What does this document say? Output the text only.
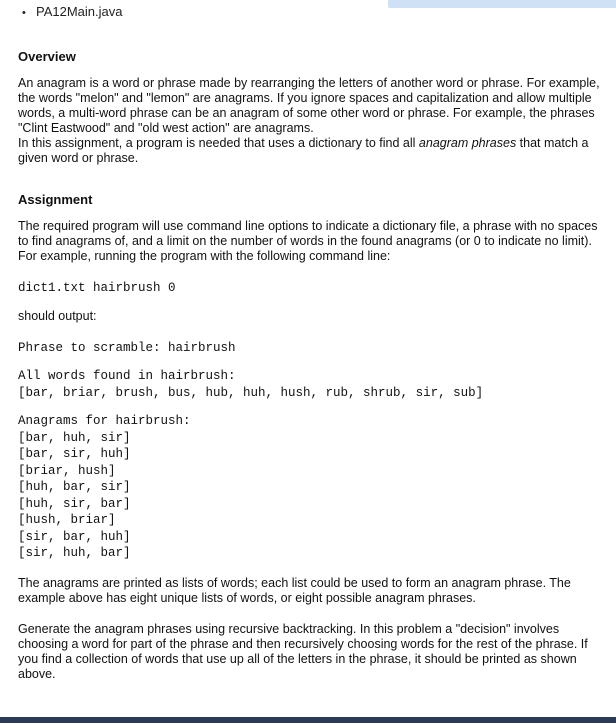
• PA12Main.java
Overview

An anagram is a word or phrase made by rearranging the letters of another word or phrase. For example, the words "melon" and "lemon" are anagrams. If you ignore spaces and capitalization and allow multiple words, a multi-word phrase can be an anagram of some other word or phrase. For example, the phrases "Clint Eastwood" and "old west action" are anagrams.

In this assignment, a program is needed that uses a dictionary to find all anagram phrases that match a given word or phrase.

Assignment

The required program will use command line options to indicate a dictionary file, a phrase with no spaces to find anagrams of, and a limit on the number of words in the found anagrams (or 0 to indicate no limit). For example, running the program with the following command line:

dict1.txt hairbrush 0

should output:

Phrase to scramble: hairbrush
All words found in hairbrush:
[bar, briar, brush, bus, hub, huh, hush, rub, shrub, sir, sub]
Anagrams for hairbrush:
[bar, huh, sir]
[bar, sir, huh]
[briar, hush]
[huh, bar, sir]
[huh, sir, bar]
[hush, briar]
[sir, bar, huh]
[sir, huh, bar]

The anagrams are printed as lists of words; each list could be used to form an anagram phrase. The example above has eight unique lists of words, or eight possible anagram phrases.

Generate the anagram phrases using recursive backtracking. In this problem a "decision" involves choosing a word for part of the phrase and then recursively choosing words for the rest of the phrase. If you find a collection of words that use up all of the letters in the phrase, it should be printed as shown above.
